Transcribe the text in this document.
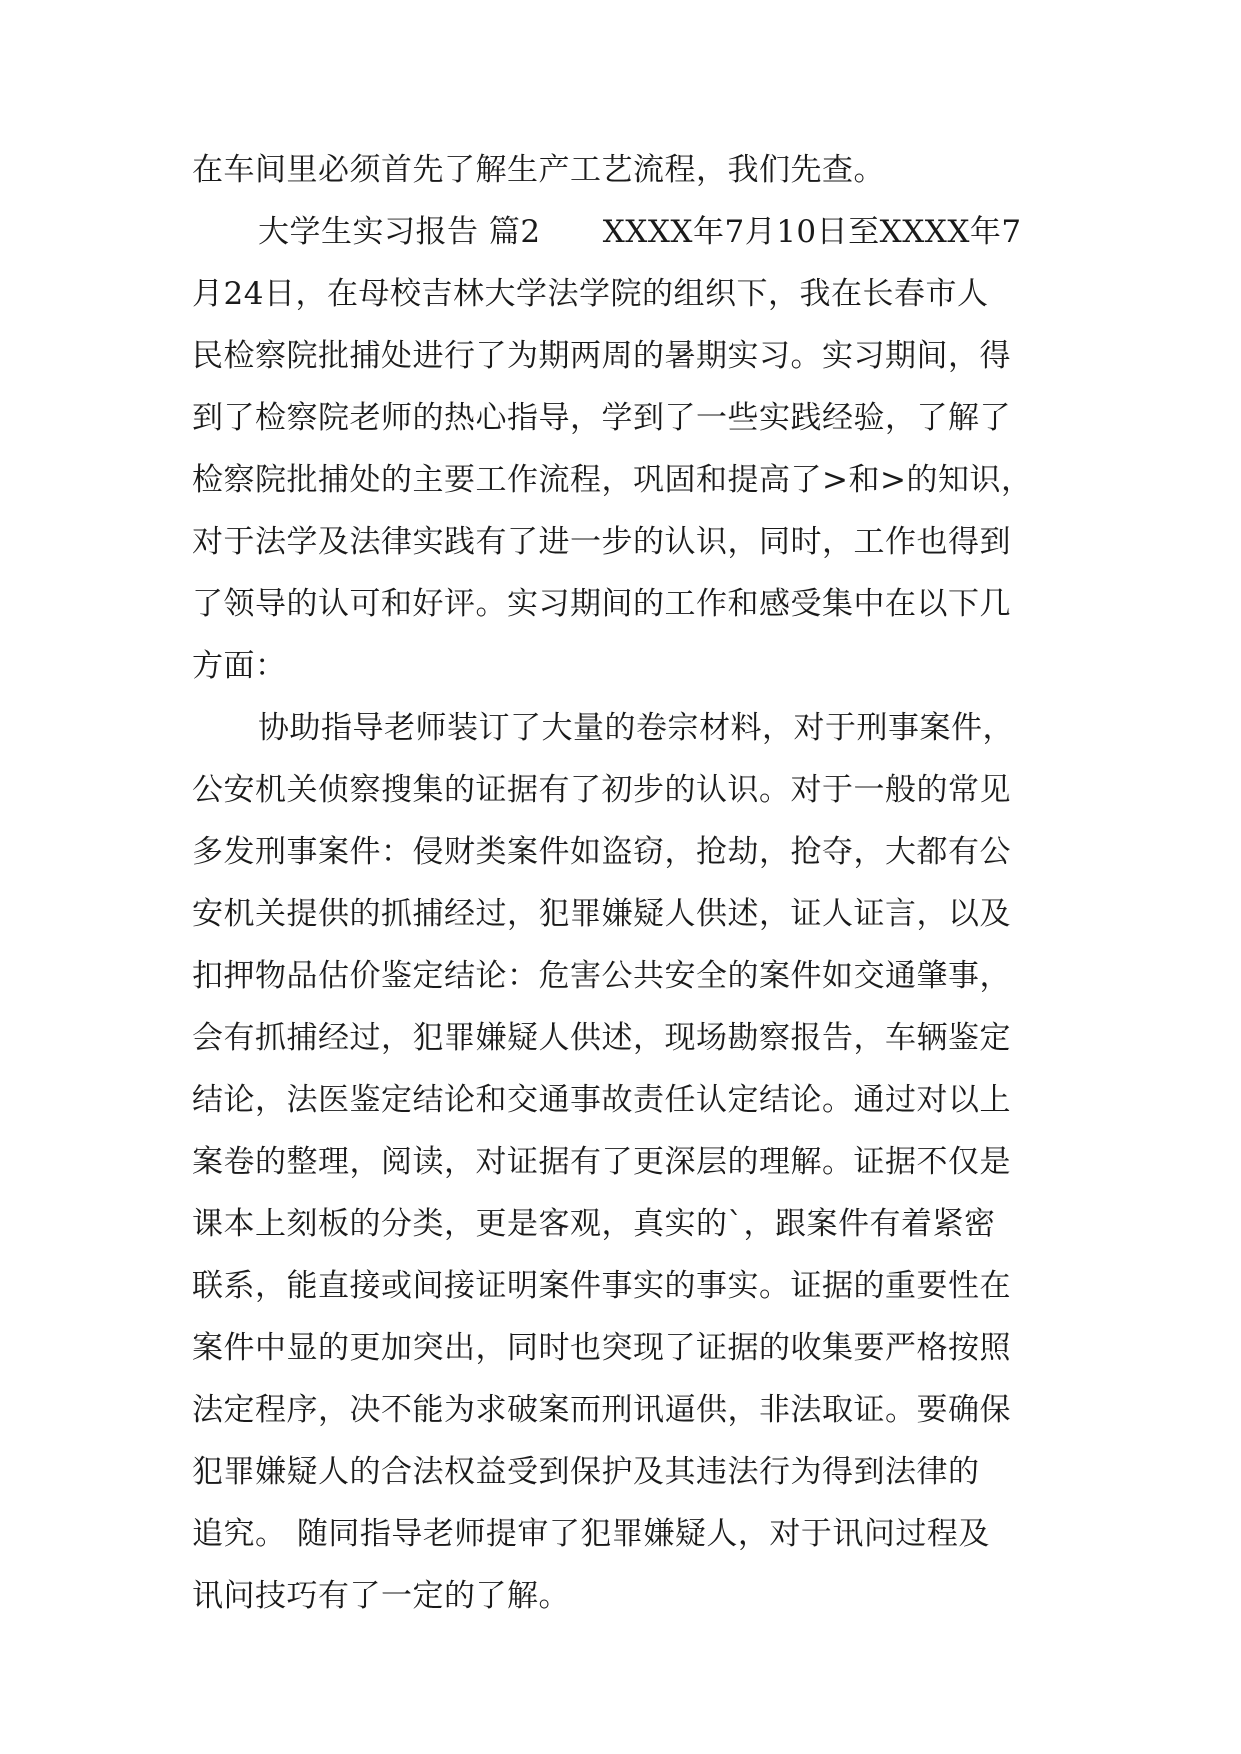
在车间里必须首先了解生产工艺流程，我们先查。
大学生实习报告 篇2      XXXX年7月10日至XXXX年7
月24日，在母校吉林大学法学院的组织下，我在长春市人
民检察院批捕处进行了为期两周的暑期实习。实习期间，得
到了检察院老师的热心指导，学到了一些实践经验，了解了
检察院批捕处的主要工作流程，巩固和提高了>和>的知识，
对于法学及法律实践有了进一步的认识，同时，工作也得到
了领导的认可和好评。实习期间的工作和感受集中在以下几
方面：
协助指导老师装订了大量的卷宗材料，对于刑事案件，
公安机关侦察搜集的证据有了初步的认识。对于一般的常见
多发刑事案件：侵财类案件如盗窃，抢劫，抢夺，大都有公
安机关提供的抓捕经过，犯罪嫌疑人供述，证人证言，以及
扣押物品估价鉴定结论：危害公共安全的案件如交通肇事，
会有抓捕经过，犯罪嫌疑人供述，现场勘察报告，车辆鉴定
结论，法医鉴定结论和交通事故责任认定结论。通过对以上
案卷的整理，阅读，对证据有了更深层的理解。证据不仅是
课本上刻板的分类，更是客观，真实的`，跟案件有着紧密
联系，能直接或间接证明案件事实的事实。证据的重要性在
案件中显的更加突出，同时也突现了证据的收集要严格按照
法定程序，决不能为求破案而刑讯逼供，非法取证。要确保
犯罪嫌疑人的合法权益受到保护及其违法行为得到法律的
追究。 随同指导老师提审了犯罪嫌疑人，对于讯问过程及
讯问技巧有了一定的了解。
